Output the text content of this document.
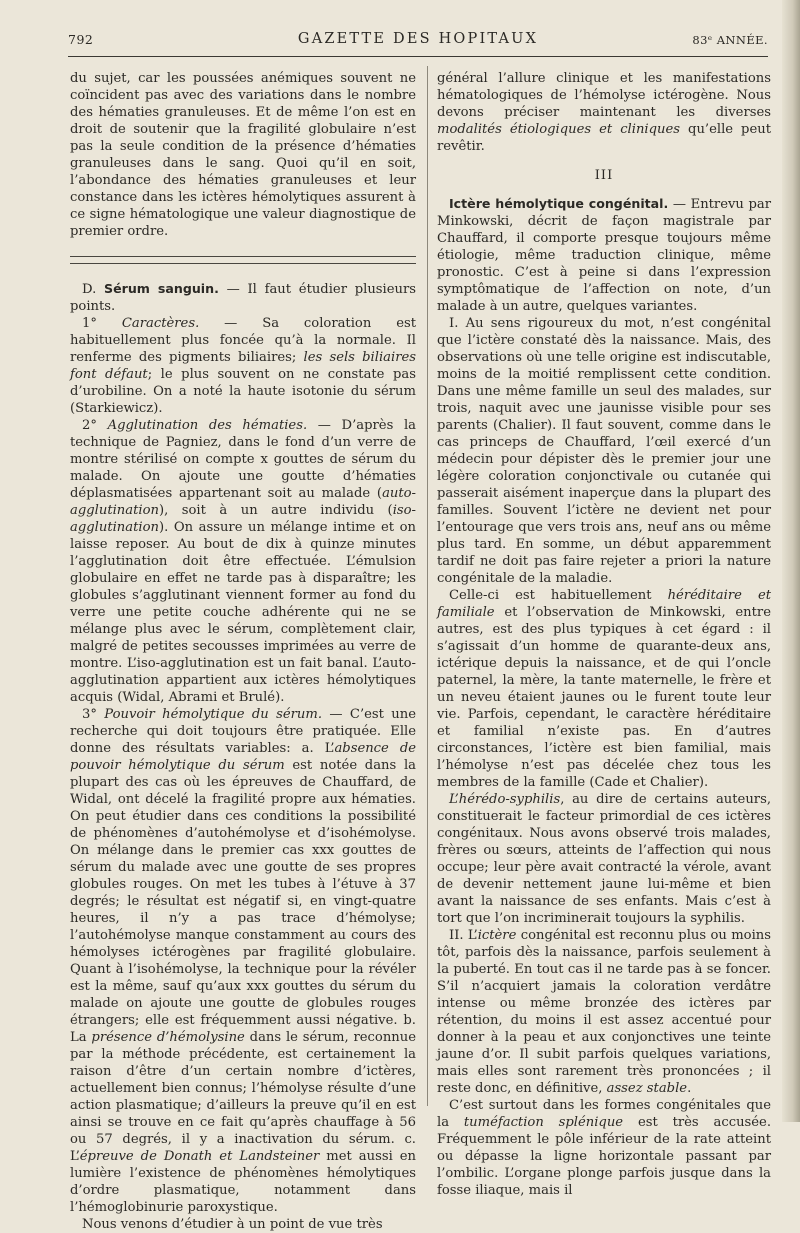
792	GAZETTE DES HOPITAUX	83ᵉ ANNÉE.

du sujet, car les poussées anémiques souvent ne coïncident pas avec des variations dans le nombre des hématies granuleuses. Et de même l’on est en droit de soutenir que la fragilité globulaire n’est pas la seule condition de la présence d’hématies granuleuses dans le sang. Quoi qu’il en soit, l’abondance des hématies granuleuses et leur constance dans les ictères hémolytiques assurent à ce signe hématologique une valeur diagnostique de premier ordre.

D. Sérum sanguin. — Il faut étudier plusieurs points.

1° Caractères. — Sa coloration est habituellement plus foncée qu’à la normale. Il renferme des pigments biliaires; les sels biliaires font défaut; le plus souvent on ne constate pas d’urobiline. On a noté la haute isotonie du sérum (Starkiewicz).

2° Agglutination des hématies. — D’après la technique de Pagniez, dans le fond d’un verre de montre stérilisé on compte x gouttes de sérum du malade. On ajoute une goutte d’hématies déplasmatisées appartenant soit au malade (auto-agglutination), soit à un autre individu (iso-agglutination). On assure un mélange intime et on laisse reposer. Au bout de dix à quinze minutes l’agglutination doit être effectuée. L’émulsion globulaire en effet ne tarde pas à disparaître; les globules s’agglutinant viennent former au fond du verre une petite couche adhérente qui ne se mélange plus avec le sérum, complètement clair, malgré de petites secousses imprimées au verre de montre. L’iso-agglutination est un fait banal. L’auto-agglutination appartient aux ictères hémolytiques acquis (Widal, Abrami et Brulé).

3° Pouvoir hémolytique du sérum. — C’est une recherche qui doit toujours être pratiquée. Elle donne des résultats variables: a. L’absence de pouvoir hémolytique du sérum est notée dans la plupart des cas où les épreuves de Chauffard, de Widal, ont décelé la fragilité propre aux hématies. On peut étudier dans ces conditions la possibilité de phénomènes d’autohémolyse et d’isohémolyse. On mélange dans le premier cas xxx gouttes de sérum du malade avec une goutte de ses propres globules rouges. On met les tubes à l’étuve à 37 degrés; le résultat est négatif si, en vingt-quatre heures, il n’y a pas trace d’hémolyse; l’autohémolyse manque constamment au cours des hémolyses ictérogènes par fragilité globulaire. Quant à l’isohémolyse, la technique pour la révéler est la même, sauf qu’aux xxx gouttes du sérum du malade on ajoute une goutte de globules rouges étrangers; elle est fréquemment aussi négative. b. La présence d’hémolysine dans le sérum, reconnue par la méthode précédente, est certainement la raison d’être d’un certain nombre d’ictères, actuellement bien connus; l’hémolyse résulte d’une action plasmatique; d’ailleurs la preuve qu’il en est ainsi se trouve en ce fait qu’après chauffage à 56 ou 57 degrés, il y a inactivation du sérum. c. L’épreuve de Donath et Landsteiner met aussi en lumière l’existence de phénomènes hémolytiques d’ordre plasmatique, notamment dans l’hémoglobinurie paroxystique.

Nous venons d’étudier à un point de vue très

général l’allure clinique et les manifestations hématologiques de l’hémolyse ictérogène. Nous devons préciser maintenant les diverses modalités étiologiques et cliniques qu’elle peut revêtir.

III

Ictère hémolytique congénital. — Entrevu par Minkowski, décrit de façon magistrale par Chauffard, il comporte presque toujours même étiologie, même traduction clinique, même pronostic. C’est à peine si dans l’expression symptômatique de l’affection on note, d’un malade à un autre, quelques variantes.

I. Au sens rigoureux du mot, n’est congénital que l’ictère constaté dès la naissance. Mais, des observations où une telle origine est indiscutable, moins de la moitié remplissent cette condition. Dans une même famille un seul des malades, sur trois, naquit avec une jaunisse visible pour ses parents (Chalier). Il faut souvent, comme dans le cas princeps de Chauffard, l’œil exercé d’un médecin pour dépister dès le premier jour une légère coloration conjonctivale ou cutanée qui passerait aisément inaperçue dans la plupart des familles. Souvent l’ictère ne devient net pour l’entourage que vers trois ans, neuf ans ou même plus tard. En somme, un début apparemment tardif ne doit pas faire rejeter a priori la nature congénitale de la maladie.

Celle-ci est habituellement héréditaire et familiale et l’observation de Minkowski, entre autres, est des plus typiques à cet égard : il s’agissait d’un homme de quarante-deux ans, ictérique depuis la naissance, et de qui l’oncle paternel, la mère, la tante maternelle, le frère et un neveu étaient jaunes ou le furent toute leur vie. Parfois, cependant, le caractère héréditaire et familial n’existe pas. En d’autres circonstances, l’ictère est bien familial, mais l’hémolyse n’est pas décelée chez tous les membres de la famille (Cade et Chalier).

L’hérédo-syphilis, au dire de certains auteurs, constituerait le facteur primordial de ces ictères congénitaux. Nous avons observé trois malades, frères ou sœurs, atteints de l’affection qui nous occupe; leur père avait contracté la vérole, avant de devenir nettement jaune lui-même et bien avant la naissance de ses enfants. Mais c’est à tort que l’on incriminerait toujours la syphilis.

II. L’ictère congénital est reconnu plus ou moins tôt, parfois dès la naissance, parfois seulement à la puberté. En tout cas il ne tarde pas à se foncer. S’il n’acquiert jamais la coloration verdâtre intense ou même bronzée des ictères par rétention, du moins il est assez accentué pour donner à la peau et aux conjonctives une teinte jaune d’or. Il subit parfois quelques variations, mais elles sont rarement très prononcées ; il reste donc, en définitive, assez stable.

C’est surtout dans les formes congénitales que la tuméfaction splénique est très accusée. Fréquemment le pôle inférieur de la rate atteint ou dépasse la ligne horizontale passant par l’ombilic. L’organe plonge parfois jusque dans la fosse iliaque, mais il
